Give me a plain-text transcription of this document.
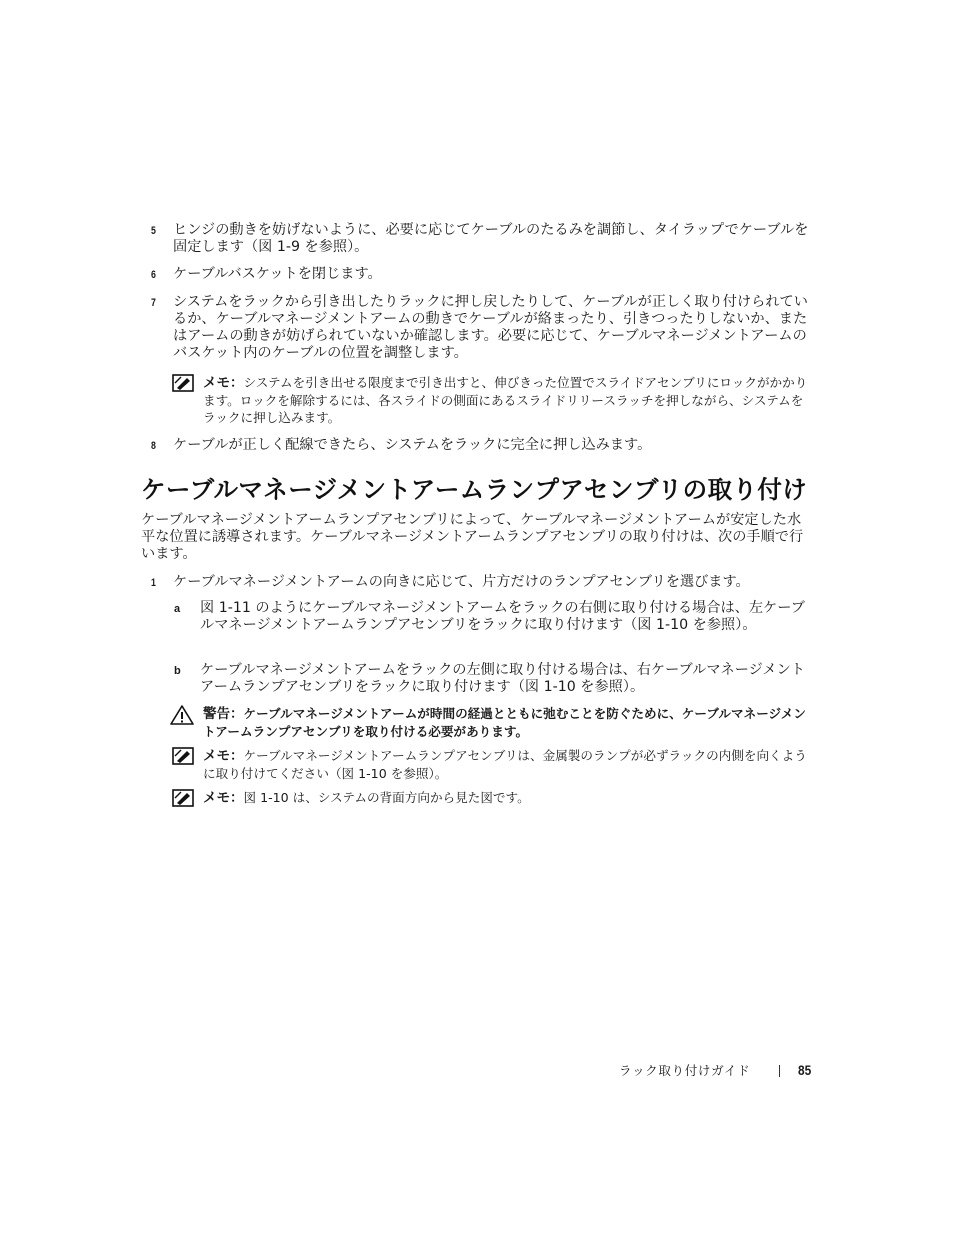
5 ヒンジの動きを妨げないように、必要に応じてケーブルのたるみを調節し、タイラップでケーブルを固定します（図 1-9 を参照）。
6 ケーブルバスケットを閉じます。
7 システムをラックから引き出したりラックに押し戻したりして、ケーブルが正しく取り付けられているか、ケーブルマネージメントアームの動きでケーブルが絡まったり、引きつったりしないか、またはアームの動きが妨げられていないか確認します。必要に応じて、ケーブルマネージメントアームのバスケット内のケーブルの位置を調整します。
メモ：システムを引き出せる限度まで引き出すと、伸びきった位置でスライドアセンブリにロックがかかります。ロックを解除するには、各スライドの側面にあるスライドリリースラッチを押しながら、システムをラックに押し込みます。
8 ケーブルが正しく配線できたら、システムをラックに完全に押し込みます。
ケーブルマネージメントアームランプアセンブリの取り付け
ケーブルマネージメントアームランプアセンブリによって、ケーブルマネージメントアームが安定した水平な位置に誘導されます。ケーブルマネージメントアームランプアセンブリの取り付けは、次の手順で行います。
1 ケーブルマネージメントアームの向きに応じて、片方だけのランプアセンブリを選びます。
a 図 1-11 のようにケーブルマネージメントアームをラックの右側に取り付ける場合は、左ケーブルマネージメントアームランプアセンブリをラックに取り付けます（図 1-10 を参照）。
b ケーブルマネージメントアームをラックの左側に取り付ける場合は、右ケーブルマネージメントアームランプアセンブリをラックに取り付けます（図 1-10 を参照）。
警告：ケーブルマネージメントアームが時間の経過とともに弛むことを防ぐために、ケーブルマネージメントアームランプアセンブリを取り付ける必要があります。
メモ：ケーブルマネージメントアームランプアセンブリは、金属製のランプが必ずラックの内側を向くように取り付けてください（図 1-10 を参照）。
メモ：図 1-10 は、システムの背面方向から見た図です。
ラック取り付けガイド	85
